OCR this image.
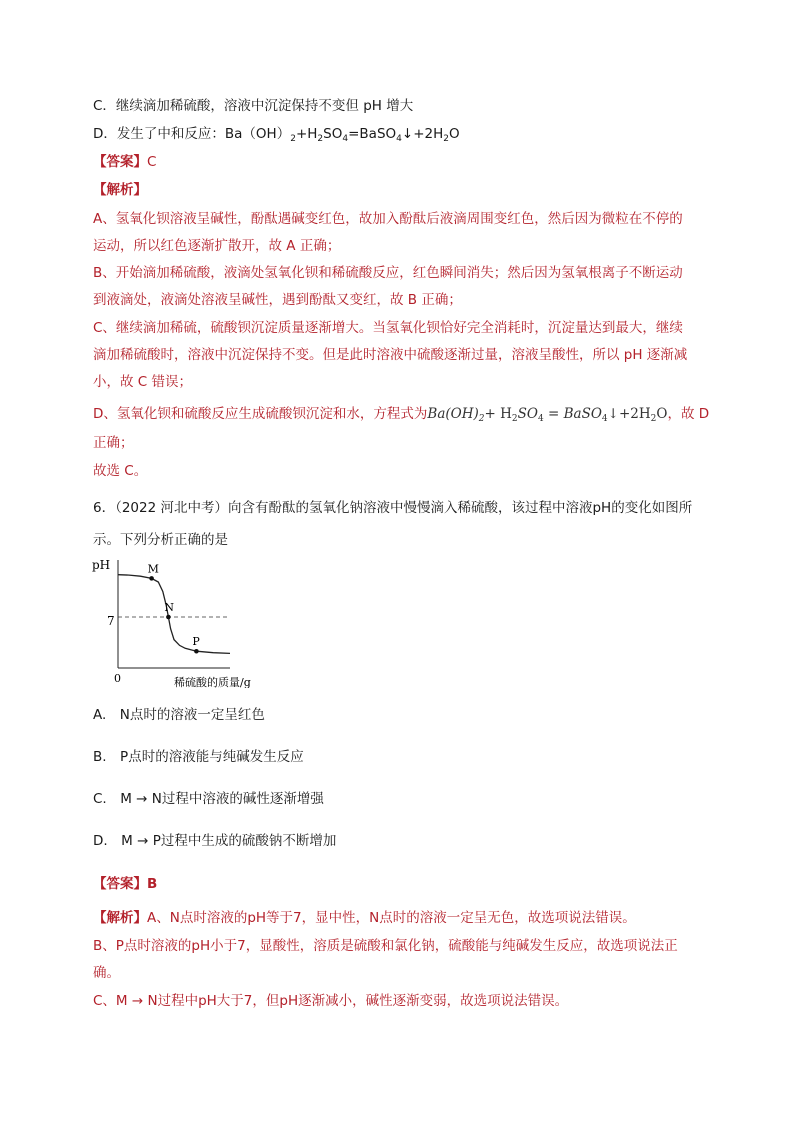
C．继续滴加稀硫酸，溶液中沉淀保持不变但 pH 增大
D．发生了中和反应：$Ba(OH)_2+H_2SO_4=BaSO_4↓+2H_2O$
【答案】C
【解析】
A、氢氧化钡溶液呈碱性，酚酞遇碱变红色，故加入酚酞后液滴周围变红色，然后因为微粒在不停的
运动，所以红色逐渐扩散开，故 A 正确；
B、开始滴加稀硫酸，液滴处氢氧化钡和稀硫酸反应，红色瞬间消失；然后因为氢氧根离子不断运动
到液滴处，液滴处溶液呈碱性，遇到酚酞又变红，故 B 正确；
C、继续滴加稀硫，硫酸钡沉淀质量逐渐增大。当氢氧化钡恰好完全消耗时，沉淀量达到最大，继续
滴加稀硫酸时，溶液中沉淀保持不变。但是此时溶液中硫酸逐渐过量，溶液呈酸性，所以 pH 逐渐减
小，故 C 错误；
D、氢氧化钡和硫酸反应生成硫酸钡沉淀和水，方程式为$Ba(OH)_2+ H_2SO_4$ = $BaSO_4↓+2H_2O$，故 D
正确；
故选 C。
6．（2022 河北中考）向含有酚酞的氢氧化钠溶液中慢慢滴入稀硫酸，该过程中溶液pH的变化如图所
示。下列分析正确的是
pH
0
7
稀硫酸的质量/g
M
N
P
A.　N点时的溶液一定呈红色
B.　P点时的溶液能与纯碱发生反应
C.　M → N过程中溶液的碱性逐渐增强
D.　M → P过程中生成的硫酸钠不断增加
【答案】B
【解析】A、N点时溶液的pH等于7，显中性，N点时的溶液一定呈无色，故选项说法错误。
B、P点时溶液的pH小于7，显酸性，溶质是硫酸和氯化钠，硫酸能与纯碱发生反应，故选项说法正
确。
C、M → N过程中pH大于7，但pH逐渐减小，碱性逐渐变弱，故选项说法错误。
